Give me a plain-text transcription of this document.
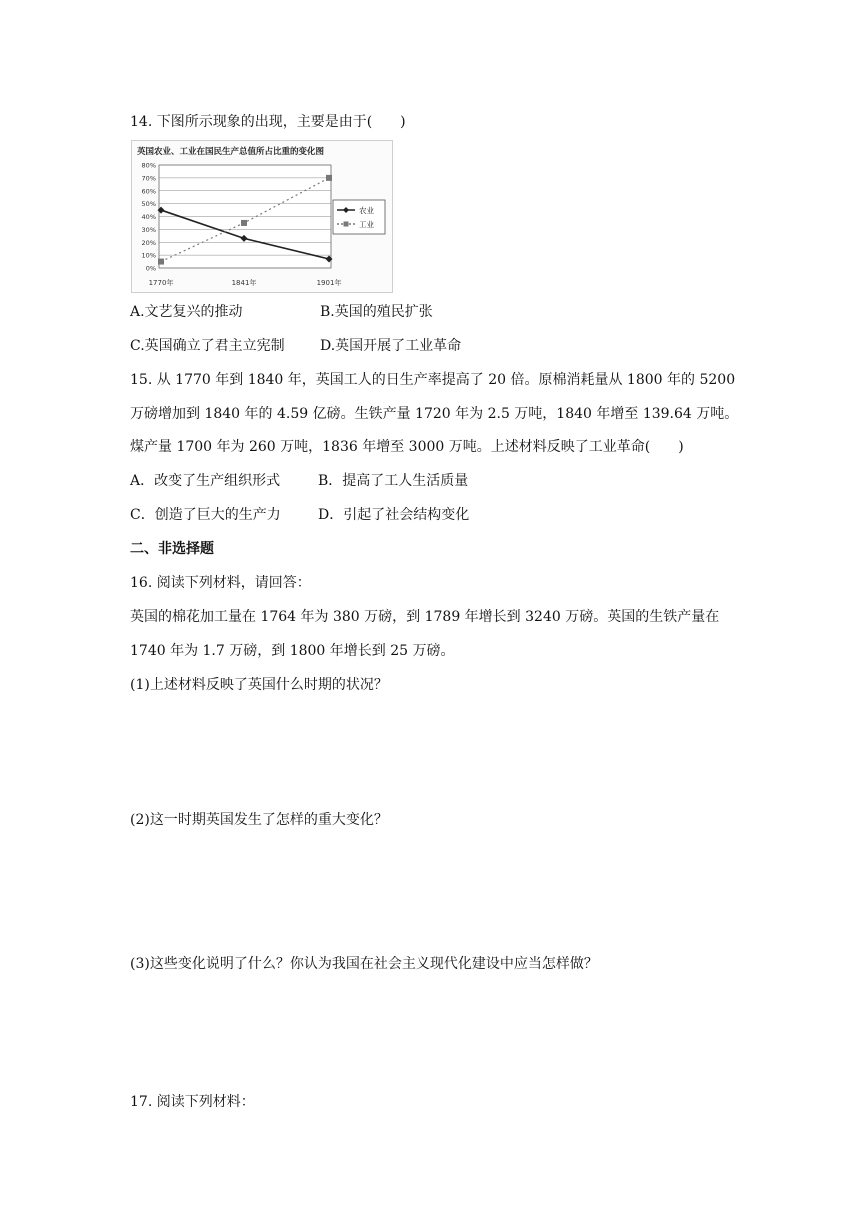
14. 下图所示现象的出现，主要是由于(　　)
英国农业、工业在国民生产总值所占比重的变化图
0%
10%
20%
30%
40%
50%
60%
70%
80%
1770年	1841年	1901年
农业
工业
A.文艺复兴的推动	B.英国的殖民扩张
C.英国确立了君主立宪制	D.英国开展了工业革命
15. 从 1770 年到 1840 年，英国工人的日生产率提高了 20 倍。原棉消耗量从 1800 年的 5200
万磅增加到 1840 年的 4.59 亿磅。生铁产量 1720 年为 2.5 万吨，1840 年增至 139.64 万吨。
煤产量 1700 年为 260 万吨，1836 年增至 3000 万吨。上述材料反映了工业革命(　　)
A．改变了生产组织形式	B．提高了工人生活质量
C．创造了巨大的生产力	D．引起了社会结构变化
二、非选择题
16. 阅读下列材料，请回答：
英国的棉花加工量在 1764 年为 380 万磅，到 1789 年增长到 3240 万磅。英国的生铁产量在
1740 年为 1.7 万磅，到 1800 年增长到 25 万磅。
(1)上述材料反映了英国什么时期的状况？
(2)这一时期英国发生了怎样的重大变化？
(3)这些变化说明了什么？你认为我国在社会主义现代化建设中应当怎样做？
17. 阅读下列材料：
